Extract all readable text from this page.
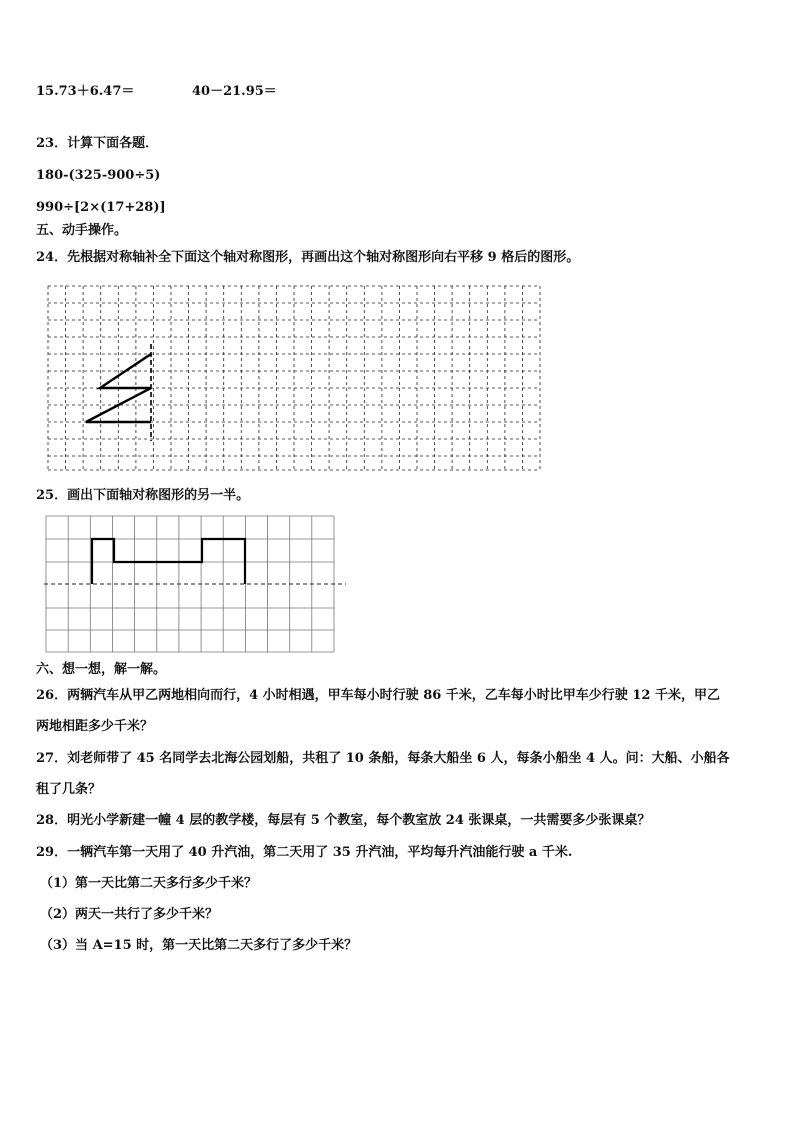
15.73＋6.47＝	40－21.95＝
23．计算下面各题．
180-(325-900÷5)
990÷[2×(17+28)]
五、动手操作。
24．先根据对称轴补全下面这个轴对称图形，再画出这个轴对称图形向右平移 9 格后的图形。
25．画出下面轴对称图形的另一半。
六、想一想，解一解。
26．两辆汽车从甲乙两地相向而行，4 小时相遇，甲车每小时行驶 86 千米，乙车每小时比甲车少行驶 12 千米，甲乙
两地相距多少千米？
27．刘老师带了 45 名同学去北海公园划船，共租了 10 条船，每条大船坐 6 人，每条小船坐 4 人。问：大船、小船各
租了几条？
28．明光小学新建一幢 4 层的教学楼，每层有 5 个教室，每个教室放 24 张课桌，一共需要多少张课桌？
29．一辆汽车第一天用了 40 升汽油，第二天用了 35 升汽油，平均每升汽油能行驶 a 千米.
（1）第一天比第二天多行多少千米？
（2）两天一共行了多少千米？
（3）当 A=15 时，第一天比第二天多行了多少千米？
